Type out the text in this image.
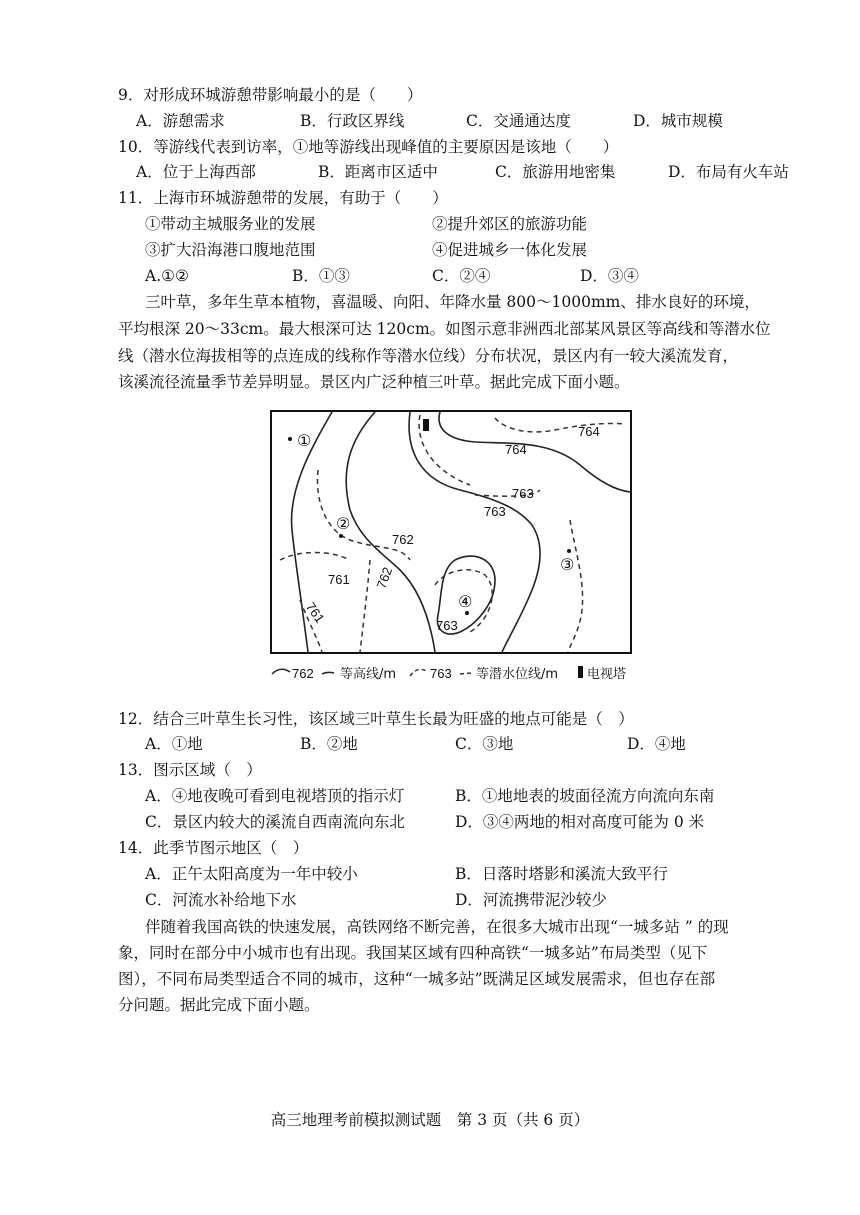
9．对形成环城游憩带影响最小的是（　　）
A．游憩需求	B．行政区界线	C．交通通达度	D．城市规模
10．等游线代表到访率，①地等游线出现峰值的主要原因是该地（　　）
A．位于上海西部	B．距离市区适中	C．旅游用地密集	D．布局有火车站
11．上海市环城游憩带的发展，有助于（　　）
①带动主城服务业的发展	②提升郊区的旅游功能
③扩大沿海港口腹地范围	④促进城乡一体化发展
A.①②	B．①③	C．②④	D．③④
三叶草，多年生草本植物，喜温暖、向阳、年降水量 800～1000mm、排水良好的环境，
平均根深 20～33cm。最大根深可达 120cm。如图示意非洲西北部某风景区等高线和等潜水位
线（潜水位海拔相等的点连成的线称作等潜水位线）分布状况，景区内有一较大溪流发育，
该溪流径流量季节差异明显。景区内广泛种植三叶草。据此完成下面小题。
764
764
763
763
762
762
761
761	763
①
②
③
④
762 等高线/m	763 等潜水位线/m 电视塔
12．结合三叶草生长习性，该区域三叶草生长最为旺盛的地点可能是（　）
A．①地	B．②地	C．③地	D．④地
13．图示区域（　）
A．④地夜晚可看到电视塔顶的指示灯	B．①地地表的坡面径流方向流向东南
C．景区内较大的溪流自西南流向东北	D．③④两地的相对高度可能为 0 米
14．此季节图示地区（　）
A．正午太阳高度为一年中较小	B．日落时塔影和溪流大致平行
C．河流水补给地下水	D．河流携带泥沙较少
伴随着我国高铁的快速发展，高铁网络不断完善，在很多大城市出现“一城多站 ” 的现
象，同时在部分中小城市也有出现。我国某区域有四种高铁“一城多站”布局类型（见下
图），不同布局类型适合不同的城市，这种“一城多站”既满足区域发展需求，但也存在部
分问题。据此完成下面小题。
高三地理考前模拟测试题　第 3 页（共 6 页）
